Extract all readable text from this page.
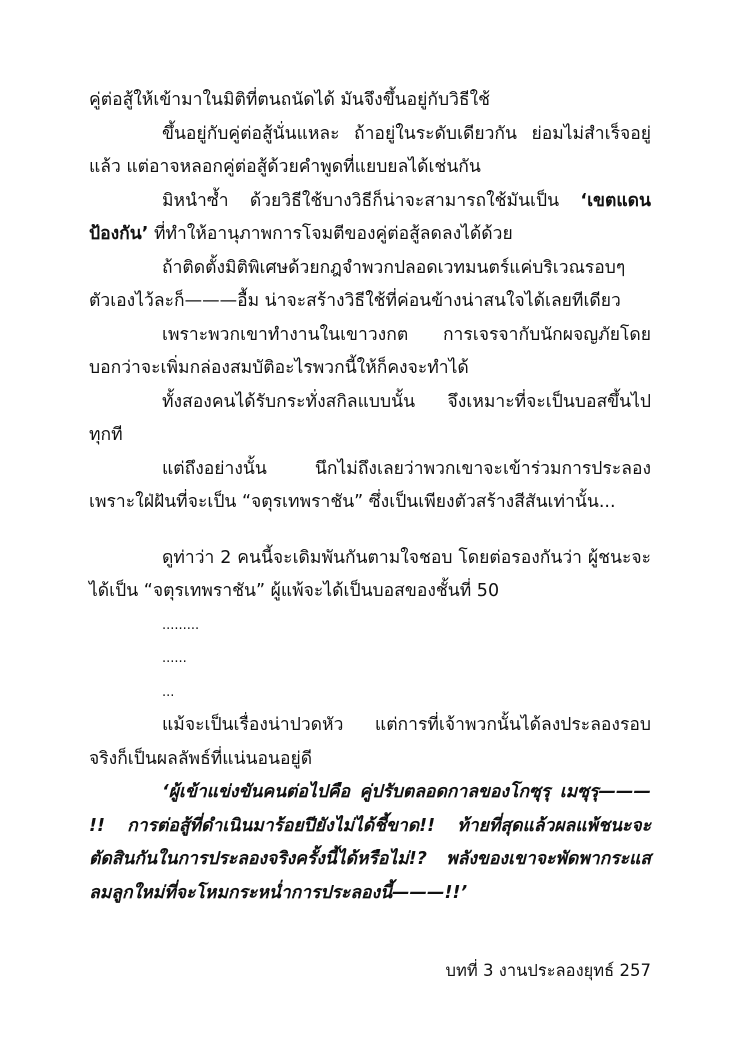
คู่ต่อสู้ให้เข้ามาในมิติที่ตนถนัดได้ มันจึงขึ้นอยู่กับวิธีใช้

ขึ้นอยู่กับคู่ต่อสู้นั่นแหละ ถ้าอยู่ในระดับเดียวกัน ย่อมไม่สำเร็จอยู่แล้ว แต่อาจหลอกคู่ต่อสู้ด้วยคำพูดที่แยบยลได้เช่นกัน

มิหนำซ้ำ ด้วยวิธีใช้บางวิธีก็น่าจะสามารถใช้มันเป็น ‘เขตแดนป้องกัน’ ที่ทำให้อานุภาพการโจมตีของคู่ต่อสู้ลดลงได้ด้วย

ถ้าติดตั้งมิติพิเศษด้วยกฎจำพวกปลอดเวทมนตร์แค่บริเวณรอบๆ ตัวเองไว้ละก็———อื้ม น่าจะสร้างวิธีใช้ที่ค่อนข้างน่าสนใจได้เลยทีเดียว

เพราะพวกเขาทำงานในเขาวงกต การเจรจากับนักผจญภัยโดยบอกว่าจะเพิ่มกล่องสมบัติอะไรพวกนี้ให้ก็คงจะทำได้

ทั้งสองคนได้รับกระทั่งสกิลแบบนั้น จึงเหมาะที่จะเป็นบอสขึ้นไปทุกที

แต่ถึงอย่างนั้น นึกไม่ถึงเลยว่าพวกเขาจะเข้าร่วมการประลองเพราะใฝ่ฝันที่จะเป็น “จตุรเทพราชัน” ซึ่งเป็นเพียงตัวสร้างสีสันเท่านั้น...

ดูท่าว่า 2 คนนี้จะเดิมพันกันตามใจชอบ โดยต่อรองกันว่า ผู้ชนะจะได้เป็น “จตุรเทพราชัน” ผู้แพ้จะได้เป็นบอสของชั้นที่ 50

.........

......

...

แม้จะเป็นเรื่องน่าปวดหัว แต่การที่เจ้าพวกนั้นได้ลงประลองรอบจริงก็เป็นผลลัพธ์ที่แน่นอนอยู่ดี

‘ผู้เข้าแข่งขันคนต่อไปคือ คู่ปรับตลอดกาลของโกซุรุ เมซุรุ——— !! การต่อสู้ที่ดำเนินมาร้อยปียังไม่ได้ชี้ขาด!! ท้ายที่สุดแล้วผลแพ้ชนะจะตัดสินกันในการประลองจริงครั้งนี้ได้หรือไม่!? พลังของเขาจะพัดพากระแสลมลูกใหม่ที่จะโหมกระหน่ำการประลองนี้———!!’

บทที่ 3 งานประลองยุทธ์ 257
